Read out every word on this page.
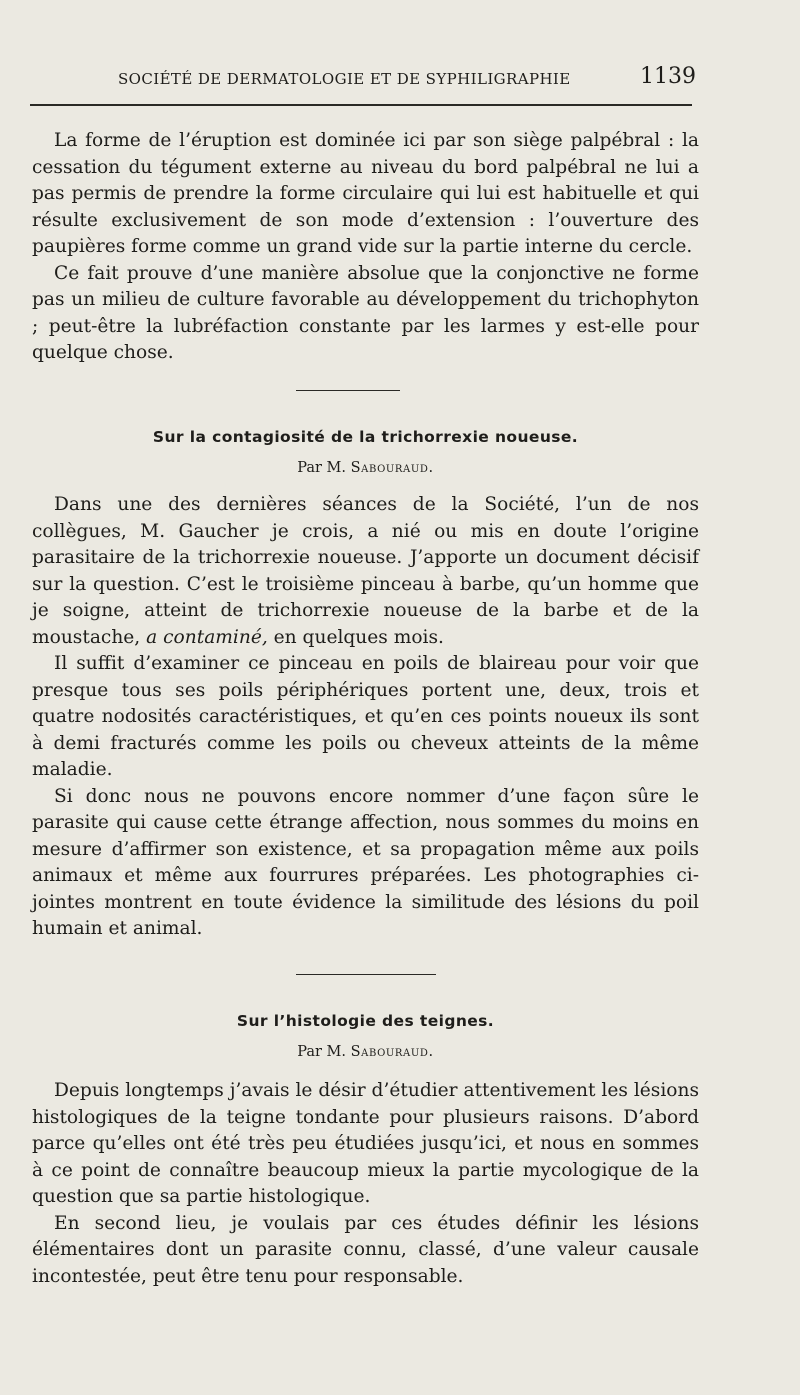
SOCIÉTÉ DE DERMATOLOGIE ET DE SYPHILIGRAPHIE	1139

La forme de l’éruption est dominée ici par son siège palpébral : la cessation du tégument externe au niveau du bord palpébral ne lui a pas permis de prendre la forme circulaire qui lui est habituelle et qui résulte exclusivement de son mode d’extension : l’ouverture des paupières forme comme un grand vide sur la partie interne du cercle.

Ce fait prouve d’une manière absolue que la conjonctive ne forme pas un milieu de culture favorable au développement du trichophyton ; peut-être la lubréfaction constante par les larmes y est-elle pour quelque chose.

Sur la contagiosité de la trichorrexie noueuse.
Par M. Sabouraud.

Dans une des dernières séances de la Société, l’un de nos collègues, M. Gaucher je crois, a nié ou mis en doute l’origine parasitaire de la trichorrexie noueuse. J’apporte un document décisif sur la question. C’est le troisième pinceau à barbe, qu’un homme que je soigne, atteint de trichorrexie noueuse de la barbe et de la moustache, a contaminé, en quelques mois.

Il suffit d’examiner ce pinceau en poils de blaireau pour voir que presque tous ses poils périphériques portent une, deux, trois et quatre nodosités caractéristiques, et qu’en ces points noueux ils sont à demi fracturés comme les poils ou cheveux atteints de la même maladie.

Si donc nous ne pouvons encore nommer d’une façon sûre le parasite qui cause cette étrange affection, nous sommes du moins en mesure d’affirmer son existence, et sa propagation même aux poils animaux et même aux fourrures préparées. Les photographies ci-jointes montrent en toute évidence la similitude des lésions du poil humain et animal.

Sur l’histologie des teignes.
Par M. Sabouraud.

Depuis longtemps j’avais le désir d’étudier attentivement les lésions histologiques de la teigne tondante pour plusieurs raisons. D’abord parce qu’elles ont été très peu étudiées jusqu’ici, et nous en sommes à ce point de connaître beaucoup mieux la partie mycologique de la question que sa partie histologique.

En second lieu, je voulais par ces études définir les lésions élémentaires dont un parasite connu, classé, d’une valeur causale incontestée, peut être tenu pour responsable.
